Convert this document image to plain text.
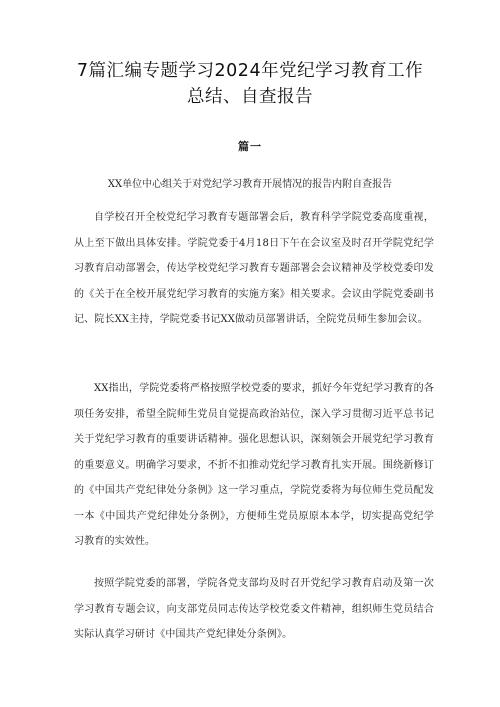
7篇汇编专题学习2024年党纪学习教育工作总结、自查报告
篇一
XX单位中心组关于对党纪学习教育开展情况的报告内附自查报告

自学校召开全校党纪学习教育专题部署会后，教育科学学院党委高度重视，从上至下做出具体安排。学院党委于4月18日下午在会议室及时召开学院党纪学习教育启动部署会，传达学校党纪学习教育专题部署会会议精神及学校党委印发的《关于在全校开展党纪学习教育的实施方案》相关要求。会议由学院党委副书记、院长XX主持，学院党委书记XX做动员部署讲话，全院党员师生参加会议。

XX指出，学院党委将严格按照学校党委的要求，抓好今年党纪学习教育的各项任务安排，希望全院师生党员自觉提高政治站位，深入学习贯彻习近平总书记关于党纪学习教育的重要讲话精神。强化思想认识，深刻领会开展党纪学习教育的重要意义。明确学习要求，不折不扣推动党纪学习教育扎实开展。围绕新修订的《中国共产党纪律处分条例》这一学习重点，学院党委将为每位师生党员配发一本《中国共产党纪律处分条例》，方便师生党员原原本本学，切实提高党纪学习教育的实效性。

按照学院党委的部署，学院各党支部均及时召开党纪学习教育启动及第一次学习教育专题会议，向支部党员同志传达学校党委文件精神，组织师生党员结合实际认真学习研讨《中国共产党纪律处分条例》。
